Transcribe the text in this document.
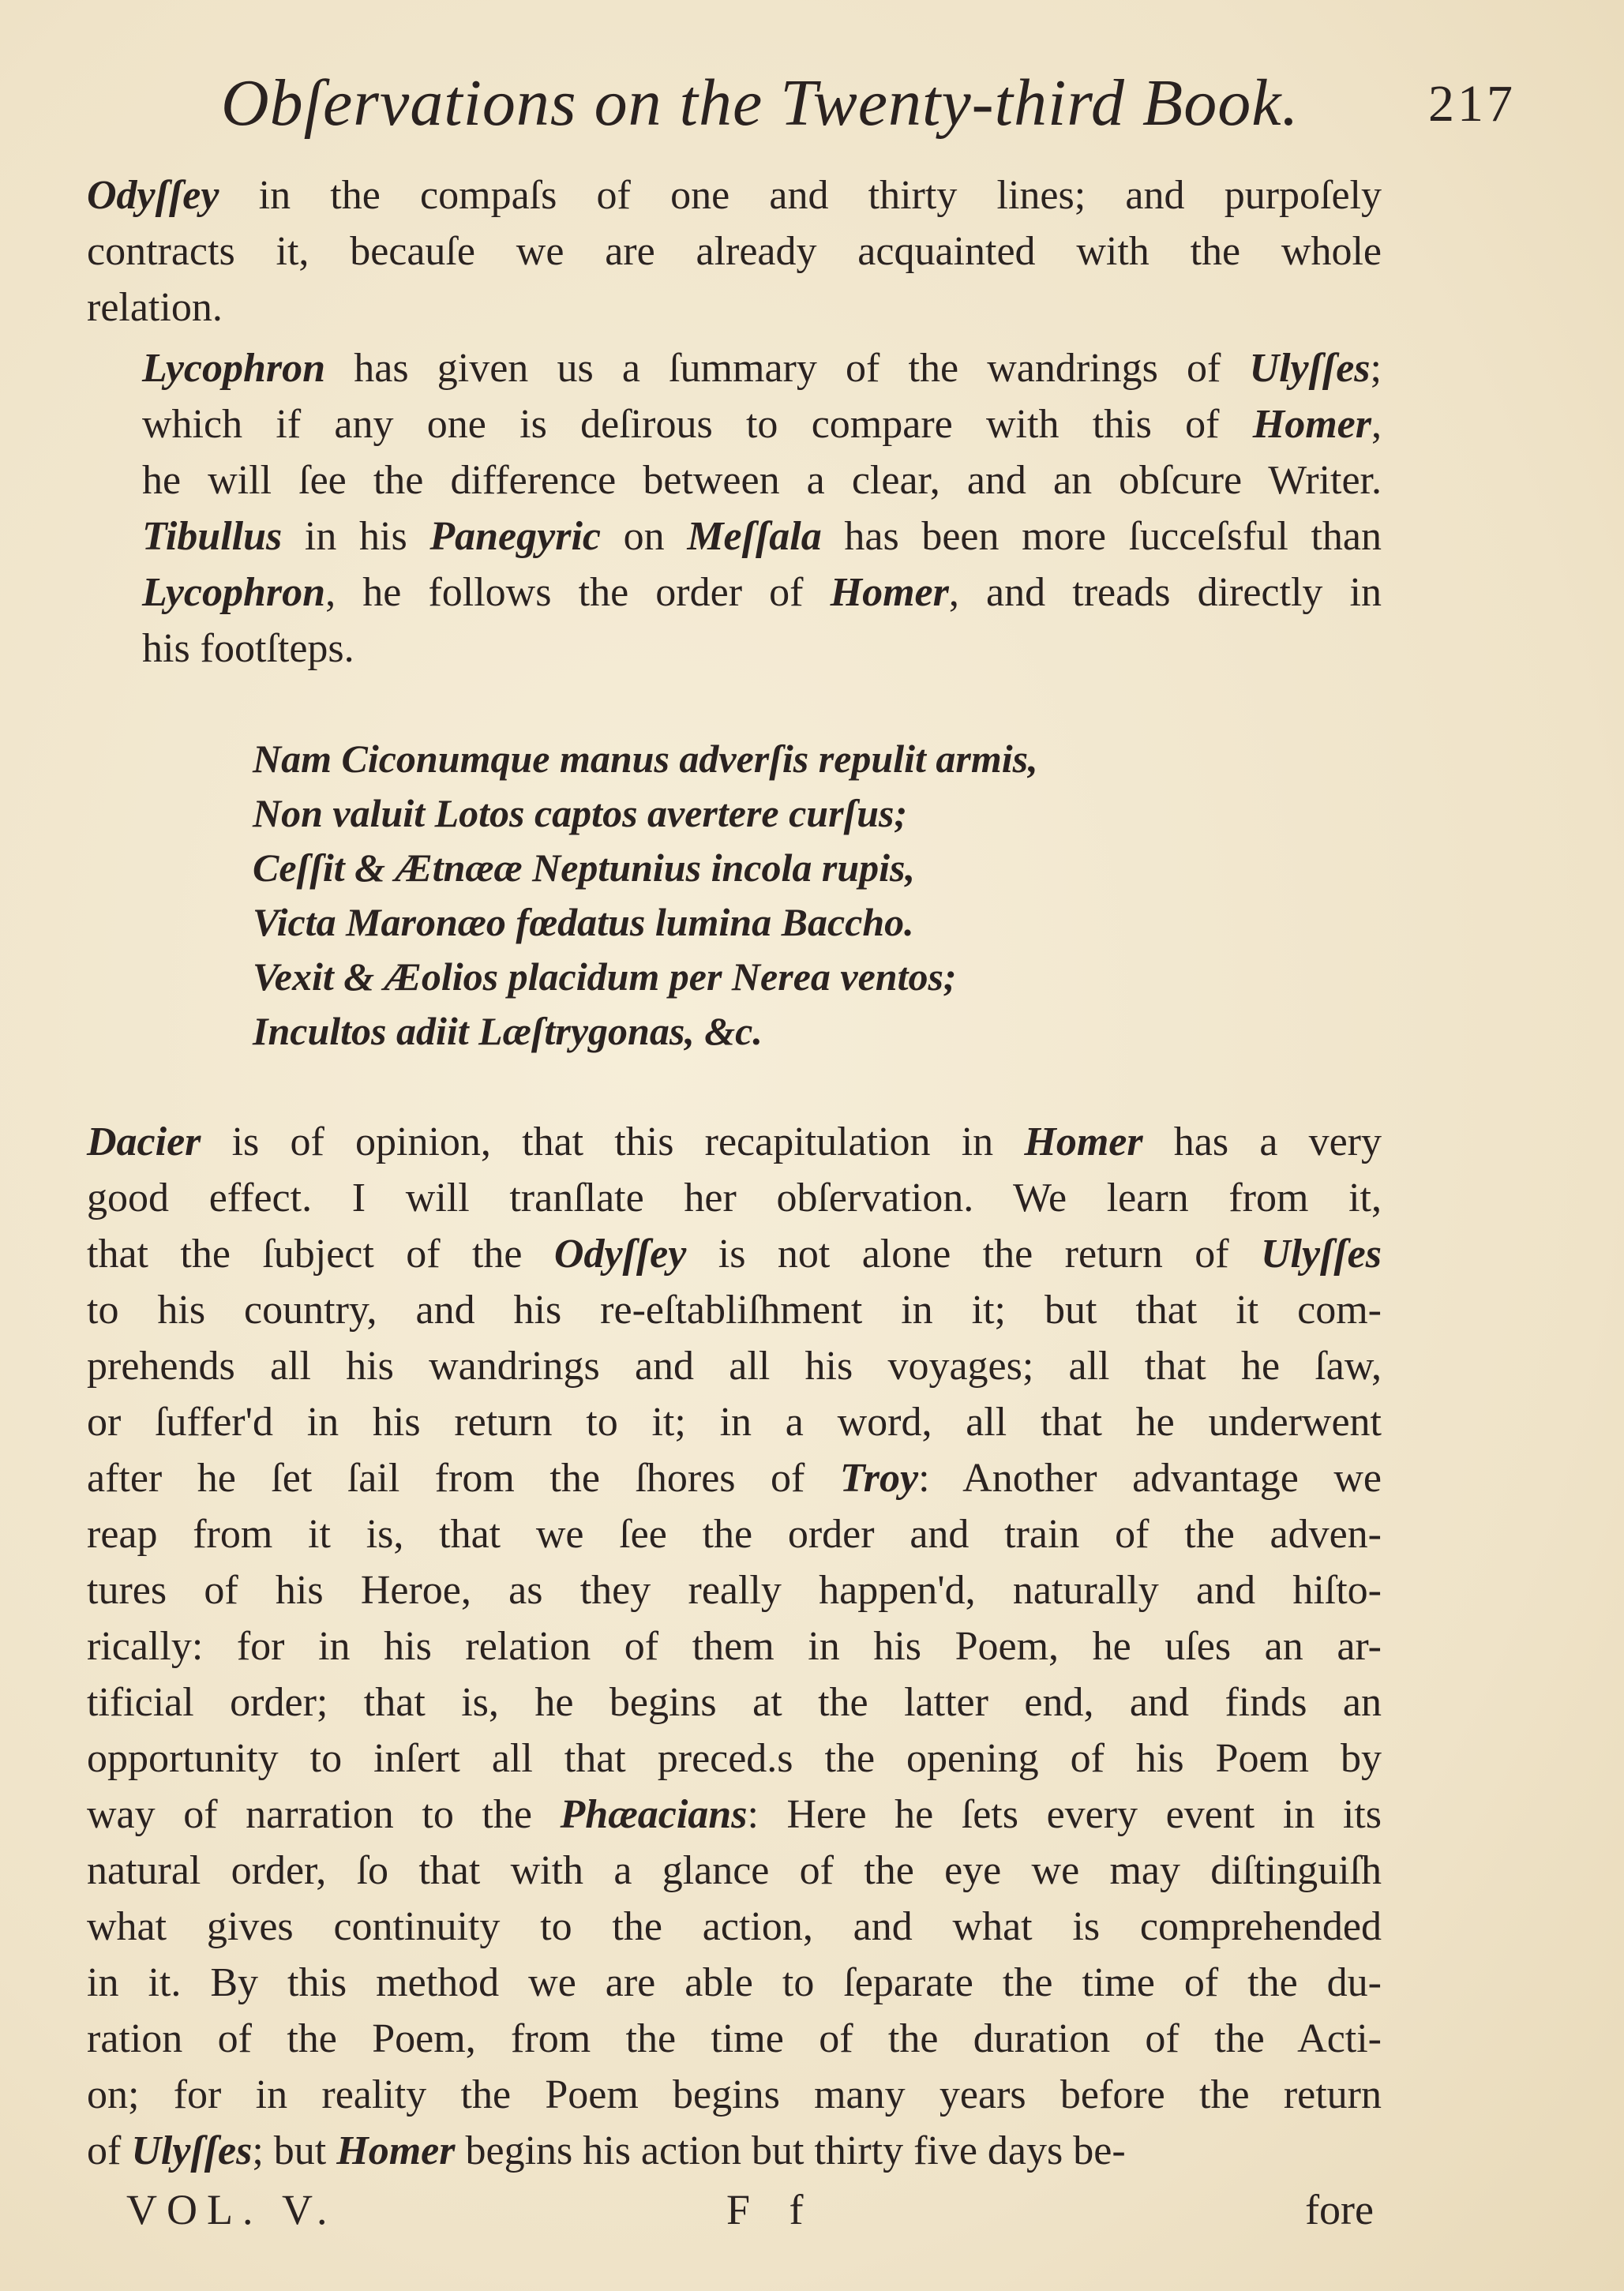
Obſervations on the Twenty-third Book. 217
Odyſſey in the compaſs of one and thirty lines; and purpoſely
contracts it, becauſe we are already acquainted with the whole
relation.
Lycophron has given us a ſummary of the wandrings of Ulyſſes;
which if any one is deſirous to compare with this of Homer,
he will ſee the difference between a clear, and an obſcure Writer.
Tibullus in his Panegyric on Meſſala has been more ſucceſsful than
Lycophron, he follows the order of Homer, and treads directly in
his footſteps.
Nam Ciconumque manus adverſis repulit armis,
Non valuit Lotos captos avertere curſus;
Ceſſit & Ætnææ Neptunius incola rupis,
Victa Maronæo fœdatus lumina Baccho.
Vexit & Æolios placidum per Nerea ventos;
Incultos adiit Læſtrygonas, &c.
Dacier is of opinion, that this recapitulation in Homer has a very
good effect. I will tranſlate her obſervation. We learn from it,
that the ſubject of the Odyſſey is not alone the return of Ulyſſes
to his country, and his re-eſtabliſhment in it; but that it com-
prehends all his wandrings and all his voyages; all that he ſaw,
or ſuffer'd in his return to it; in a word, all that he underwent
after he ſet ſail from the ſhores of Troy: Another advantage we
reap from it is, that we ſee the order and train of the adven-
tures of his Heroe, as they really happen'd, naturally and hiſto-
rically: for in his relation of them in his Poem, he uſes an ar-
tificial order; that is, he begins at the latter end, and finds an
opportunity to inſert all that preced.s the opening of his Poem by
way of narration to the Phæacians: Here he ſets every event in its
natural order, ſo that with a glance of the eye we may diſtinguiſh
what gives continuity to the action, and what is comprehended
in it. By this method we are able to ſeparate the time of the du-
ration of the Poem, from the time of the duration of the Acti-
on; for in reality the Poem begins many years before the return
of Ulyſſes; but Homer begins his action but thirty five days be-
VOL. V.	F f	fore
